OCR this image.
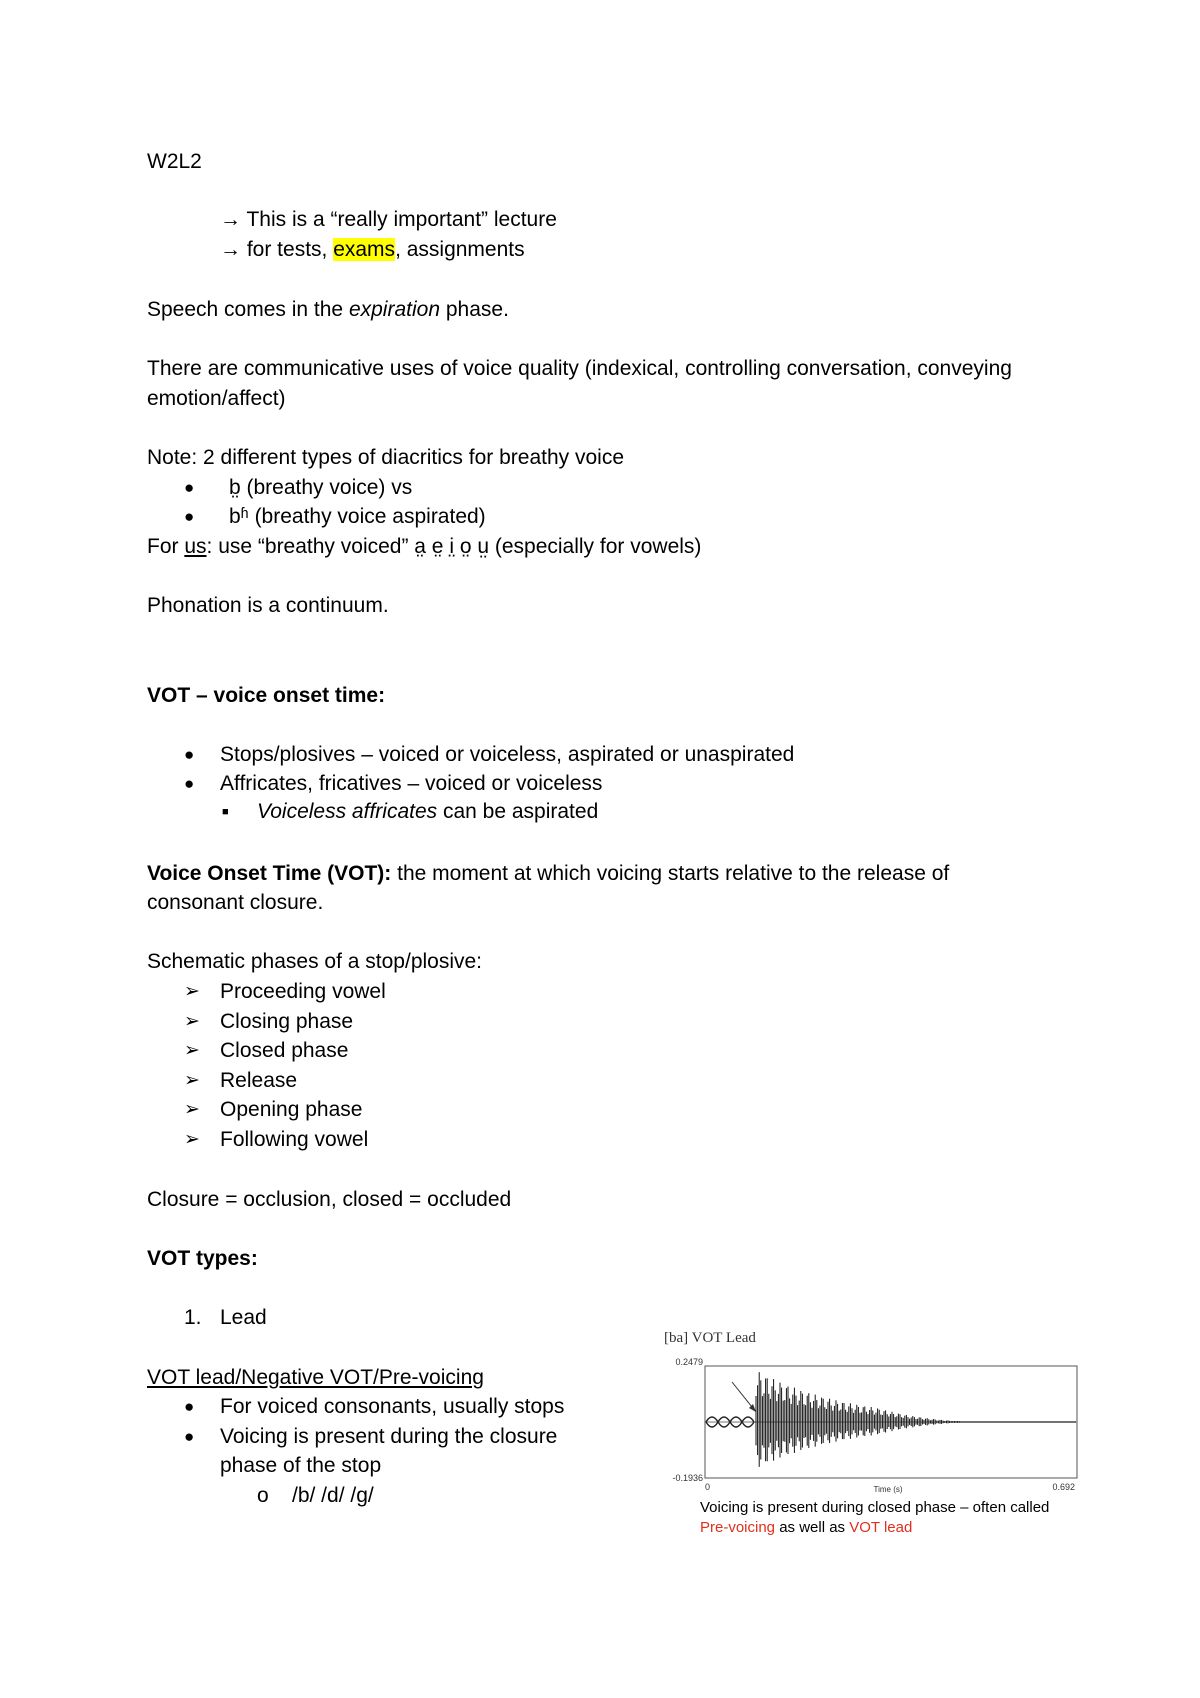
W2L2
→ This is a “really important” lecture
→ for tests, exams, assignments
Speech comes in the expiration phase.
There are communicative uses of voice quality (indexical, controlling conversation, conveying
emotion/affect)
Note: 2 different types of diacritics for breathy voice
● b̤ (breathy voice) vs
● bʱ (breathy voice aspirated)
For us: use “breathy voiced” a̤ e̤ i̤ o̤ ṳ (especially for vowels)
Phonation is a continuum.
VOT – voice onset time:
● Stops/plosives – voiced or voiceless, aspirated or unaspirated
● Affricates, fricatives – voiced or voiceless
■ Voiceless affricates can be aspirated
Voice Onset Time (VOT): the moment at which voicing starts relative to the release of
consonant closure.
Schematic phases of a stop/plosive:
➢ Proceeding vowel
➢ Closing phase
➢ Closed phase
➢ Release
➢ Opening phase
➢ Following vowel
Closure = occlusion, closed = occluded
VOT types:
1. Lead
VOT lead/Negative VOT/Pre-voicing
● For voiced consonants, usually stops
● Voicing is present during the closure
phase of the stop
o /b/ /d/ /g/
[ba] VOT Lead
0.2479
-0.1936
0	0.692
Time (s)
Voicing is present during closed phase – often called
Pre-voicing as well as VOT lead
